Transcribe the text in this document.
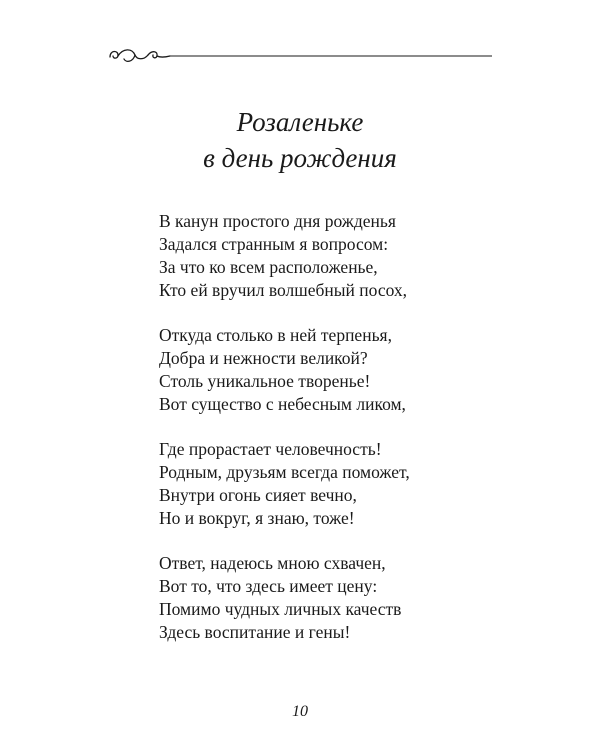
Розаленьке
в день рождения
В канун простого дня рожденья
Задался странным я вопросом:
За что ко всем расположенье,
Кто ей вручил волшебный посох,
Откуда столько в ней терпенья,
Добра и нежности великой?
Столь уникальное творенье!
Вот существо с небесным ликом,
Где прорастает человечность!
Родным, друзьям всегда поможет,
Внутри огонь сияет вечно,
Но и вокруг, я знаю, тоже!
Ответ, надеюсь мною схвачен,
Вот то, что здесь имеет цену:
Помимо чудных личных качеств
Здесь воспитание и гены!
10
